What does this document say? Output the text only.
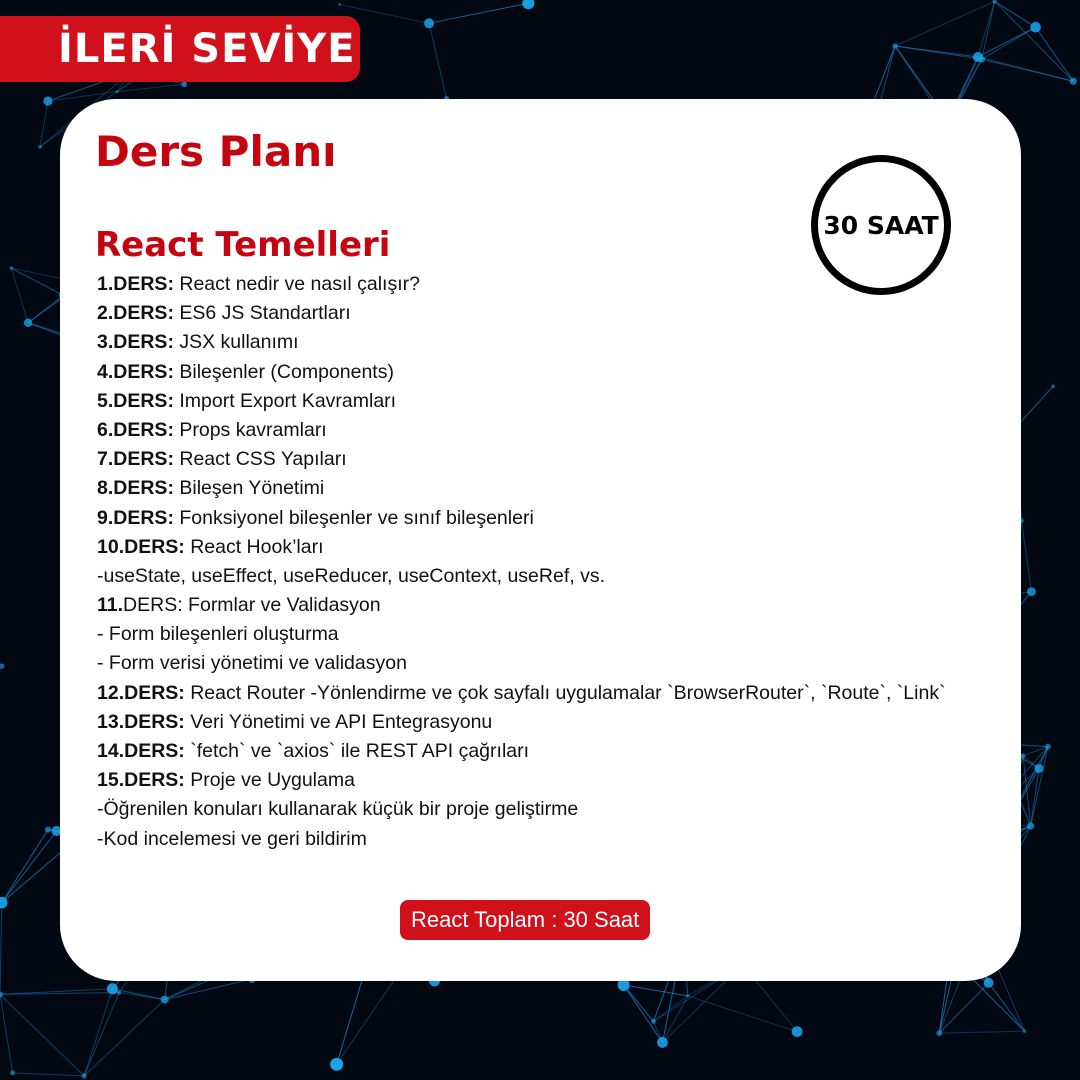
İLERİ SEVİYE
Ders Planı
30 SAAT
React Temelleri
1.DERS: React nedir ve nasıl çalışır?
2.DERS: ES6 JS Standartları
3.DERS: JSX kullanımı
4.DERS: Bileşenler (Components)
5.DERS: Import Export Kavramları
6.DERS: Props kavramları
7.DERS: React CSS Yapıları
8.DERS: Bileşen Yönetimi
9.DERS: Fonksiyonel bileşenler ve sınıf bileşenleri
10.DERS: React Hook’ları
-useState, useEffect, useReducer, useContext, useRef, vs.
11.DERS: Formlar ve Validasyon
- Form bileşenleri oluşturma
- Form verisi yönetimi ve validasyon
12.DERS: React Router -Yönlendirme ve çok sayfalı uygulamalar `BrowserRouter`, `Route`, `Link`
13.DERS: Veri Yönetimi ve API Entegrasyonu
14.DERS: `fetch` ve `axios` ile REST API çağrıları
15.DERS: Proje ve Uygulama
-Öğrenilen konuları kullanarak küçük bir proje geliştirme
-Kod incelemesi ve geri bildirim
React Toplam : 30 Saat
